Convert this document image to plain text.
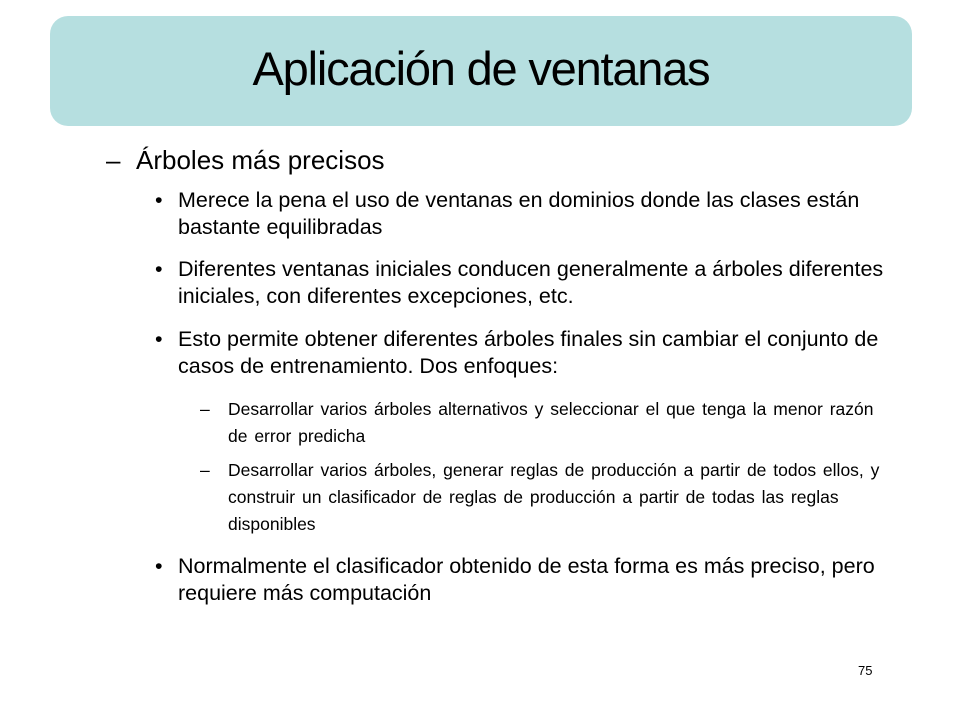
Aplicación de ventanas
– Árboles más precisos
• Merece la pena el uso de ventanas en dominios donde las clases están bastante equilibradas
• Diferentes ventanas iniciales conducen generalmente a árboles diferentes iniciales, con diferentes excepciones, etc.
• Esto permite obtener diferentes árboles finales sin cambiar el conjunto de casos de entrenamiento. Dos enfoques:
– Desarrollar varios árboles alternativos y seleccionar el que tenga la menor razón de error predicha
– Desarrollar varios árboles, generar reglas de producción a partir de todos ellos, y construir un clasificador de reglas de producción a partir de todas las reglas disponibles
• Normalmente el clasificador obtenido de esta forma es más preciso, pero requiere más computación
75
